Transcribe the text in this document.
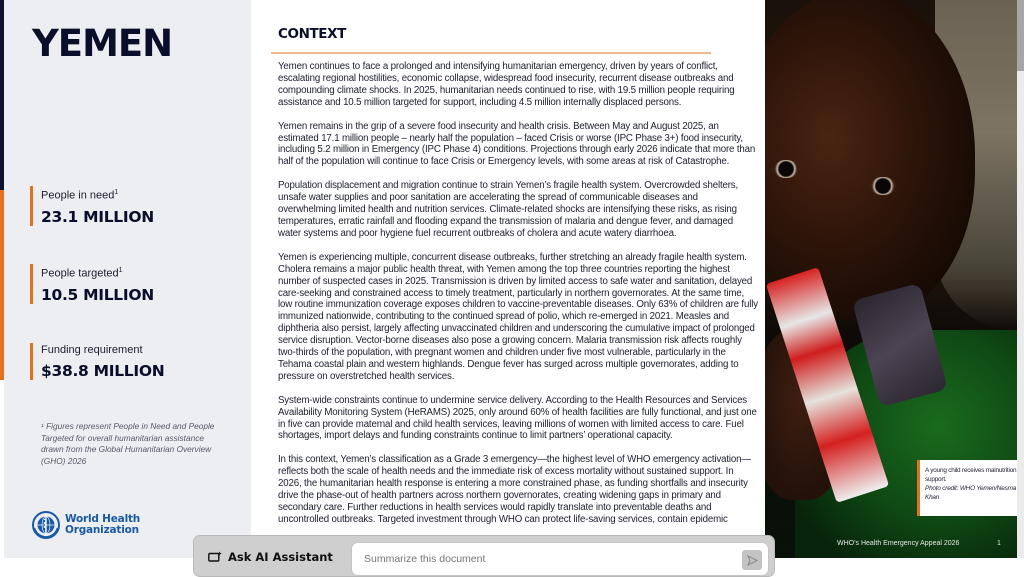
YEMEN
People in need$^1$
23.1 MILLION
People targeted$^1$
10.5 MILLION
Funding requirement
$38.8 MILLION
¹ Figures represent People in Need and People Targeted for overall humanitarian assistance drawn from the Global Humanitarian Overview (GHO) 2026
World Health
Organization
CONTEXT

Yemen continues to face a prolonged and intensifying humanitarian emergency, driven by years of conflict, escalating regional hostilities, economic collapse, widespread food insecurity, recurrent disease outbreaks and compounding climate shocks. In 2025, humanitarian needs continued to rise, with 19.5 million people requiring assistance and 10.5 million targeted for support, including 4.5 million internally displaced persons.

Yemen remains in the grip of a severe food insecurity and health crisis. Between May and August 2025, an estimated 17.1 million people – nearly half the population – faced Crisis or worse (IPC Phase 3+) food insecurity, including 5.2 million in Emergency (IPC Phase 4) conditions. Projections through early 2026 indicate that more than half of the population will continue to face Crisis or Emergency levels, with some areas at risk of Catastrophe.

Population displacement and migration continue to strain Yemen’s fragile health system. Overcrowded shelters, unsafe water supplies and poor sanitation are accelerating the spread of communicable diseases and overwhelming limited health and nutrition services. Climate-related shocks are intensifying these risks, as rising temperatures, erratic rainfall and flooding expand the transmission of malaria and dengue fever, and damaged water systems and poor hygiene fuel recurrent outbreaks of cholera and acute watery diarrhoea.

Yemen is experiencing multiple, concurrent disease outbreaks, further stretching an already fragile health system. Cholera remains a major public health threat, with Yemen among the top three countries reporting the highest number of suspected cases in 2025. Transmission is driven by limited access to safe water and sanitation, delayed care-seeking and constrained access to timely treatment, particularly in northern governorates. At the same time, low routine immunization coverage exposes children to vaccine-preventable diseases. Only 63% of children are fully immunized nationwide, contributing to the continued spread of polio, which re-emerged in 2021. Measles and diphtheria also persist, largely affecting unvaccinated children and underscoring the cumulative impact of prolonged service disruption. Vector-borne diseases also pose a growing concern. Malaria transmission risk affects roughly two-thirds of the population, with pregnant women and children under five most vulnerable, particularly in the Tehama coastal plain and western highlands. Dengue fever has surged across multiple governorates, adding to pressure on overstretched health services.

System-wide constraints continue to undermine service delivery. According to the Health Resources and Services Availability Monitoring System (HeRAMS) 2025, only around 60% of health facilities are fully functional, and just one in five can provide maternal and child health services, leaving millions of women with limited access to care. Fuel shortages, import delays and funding constraints continue to limit partners’ operational capacity.

In this context, Yemen’s classification as a Grade 3 emergency—the highest level of WHO emergency activation—reflects both the scale of health needs and the immediate risk of excess mortality without sustained support. In 2026, the humanitarian health response is entering a more constrained phase, as funding shortfalls and insecurity drive the phase-out of health partners across northern governorates, creating widening gaps in primary and secondary care. Further reductions in health services would rapidly translate into preventable deaths and uncontrolled outbreaks. Targeted investment through WHO can protect life-saving services, contain epidemic

A young child receives malnutrition support.
Photo credit: WHO Yemen/Nesma Khan
WHO’s Health Emergency Appeal 2026	1
Ask AI Assistant
Summarize this document
